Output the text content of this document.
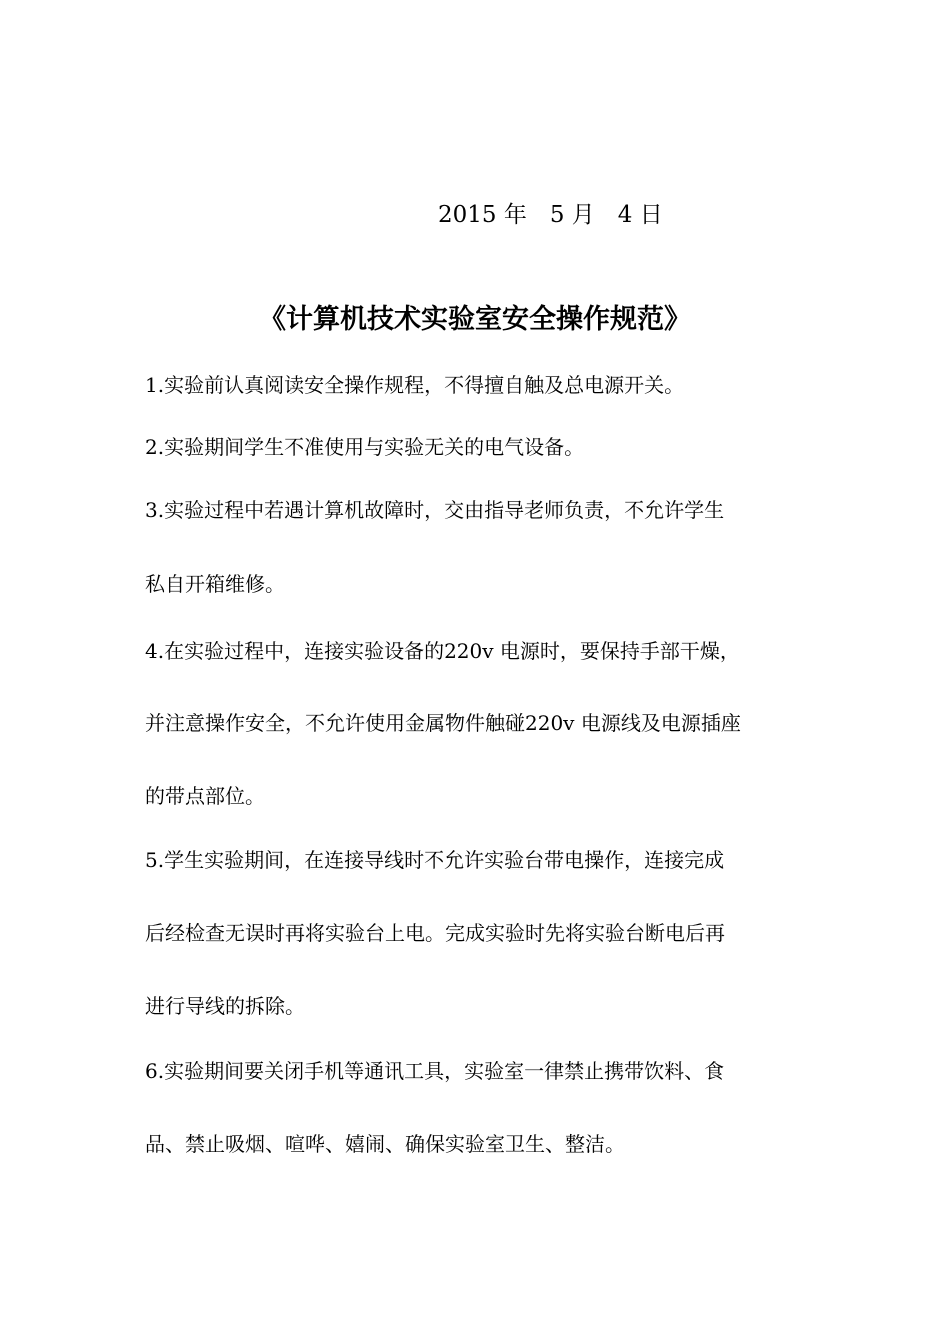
2015 年　5 月　4 日
《计算机技术实验室安全操作规范》
1.实验前认真阅读安全操作规程，不得擅自触及总电源开关。
2.实验期间学生不准使用与实验无关的电气设备。
3.实验过程中若遇计算机故障时，交由指导老师负责，不允许学生
私自开箱维修。
4.在实验过程中，连接实验设备的220v 电源时，要保持手部干燥，
并注意操作安全，不允许使用金属物件触碰220v 电源线及电源插座
的带点部位。
5.学生实验期间，在连接导线时不允许实验台带电操作，连接完成
后经检查无误时再将实验台上电。完成实验时先将实验台断电后再
进行导线的拆除。
6.实验期间要关闭手机等通讯工具，实验室一律禁止携带饮料、食
品、禁止吸烟、喧哗、嬉闹、确保实验室卫生、整洁。
